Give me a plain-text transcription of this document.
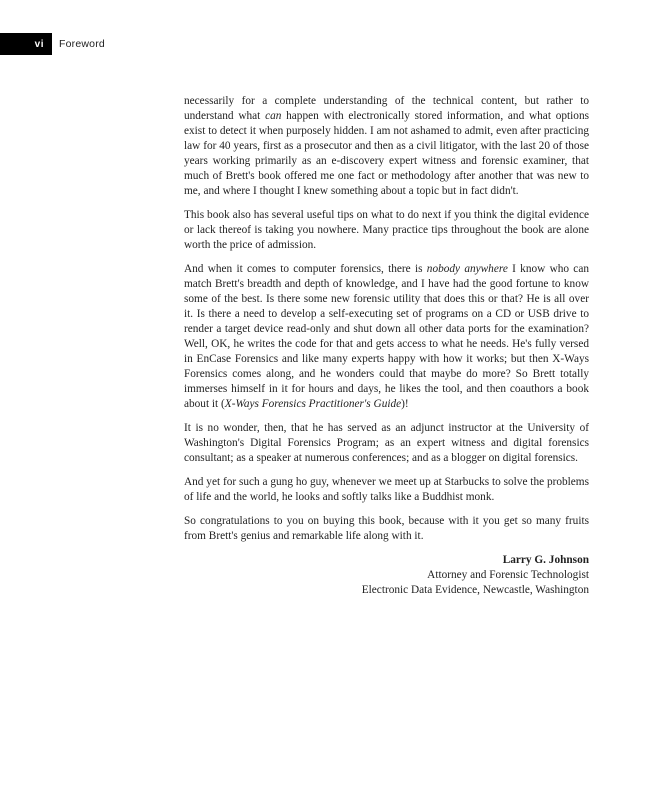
vi Foreword

necessarily for a complete understanding of the technical content, but rather to understand what can happen with electronically stored information, and what options exist to detect it when purposely hidden. I am not ashamed to admit, even after practicing law for 40 years, first as a prosecutor and then as a civil litigator, with the last 20 of those years working primarily as an e-discovery expert witness and forensic examiner, that much of Brett's book offered me one fact or methodology after another that was new to me, and where I thought I knew something about a topic but in fact didn't.

This book also has several useful tips on what to do next if you think the digital evidence or lack thereof is taking you nowhere. Many practice tips throughout the book are alone worth the price of admission.

And when it comes to computer forensics, there is nobody anywhere I know who can match Brett's breadth and depth of knowledge, and I have had the good fortune to know some of the best. Is there some new forensic utility that does this or that? He is all over it. Is there a need to develop a self-executing set of programs on a CD or USB drive to render a target device read-only and shut down all other data ports for the examination? Well, OK, he writes the code for that and gets access to what he needs. He's fully versed in EnCase Forensics and like many experts happy with how it works; but then X-Ways Forensics comes along, and he wonders could that maybe do more? So Brett totally immerses himself in it for hours and days, he likes the tool, and then coauthors a book about it (X-Ways Forensics Practitioner's Guide)!

It is no wonder, then, that he has served as an adjunct instructor at the University of Washington's Digital Forensics Program; as an expert witness and digital forensics consultant; as a speaker at numerous conferences; and as a blogger on digital forensics.

And yet for such a gung ho guy, whenever we meet up at Starbucks to solve the problems of life and the world, he looks and softly talks like a Buddhist monk.

So congratulations to you on buying this book, because with it you get so many fruits from Brett's genius and remarkable life along with it.

Larry G. Johnson
Attorney and Forensic Technologist
Electronic Data Evidence, Newcastle, Washington
